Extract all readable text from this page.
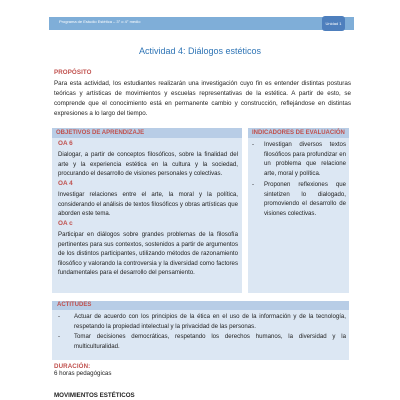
Programa de Estudio Estética – 3° o 4° medio	Unidad 1
Actividad 4: Diálogos estéticos
PROPÓSITO
Para esta actividad, los estudiantes realizarán una investigación cuyo fin es entender distintas posturas teóricas y artísticas de movimientos y escuelas representativas de la estética. A partir de esto, se comprende que el conocimiento está en permanente cambio y construcción, reflejándose en distintas expresiones a lo largo del tiempo.
OBJETIVOS DE APRENDIZAJE
OA 6
Dialogar, a partir de conceptos filosóficos, sobre la finalidad del arte y la experiencia estética en la cultura y la sociedad, procurando el desarrollo de visiones personales y colectivas.
OA 4
Investigar relaciones entre el arte, la moral y la política, considerando el análisis de textos filosóficos y obras artísticas que aborden este tema.
OA c
Participar en diálogos sobre grandes problemas de la filosofía pertinentes para sus contextos, sostenidos a partir de argumentos de los distintos participantes, utilizando métodos de razonamiento filosófico y valorando la controversia y la diversidad como factores fundamentales para el desarrollo del pensamiento.
INDICADORES DE EVALUACIÓN
- Investigan diversos textos filosóficos para profundizar en un problema que relacione arte, moral y política.
- Proponen reflexiones que sintetizen lo dialogado, promoviendo el desarrollo de visiones colectivas.
ACTITUDES
- Actuar de acuerdo con los principios de la ética en el uso de la información y de la tecnología, respetando la propiedad intelectual y la privacidad de las personas.
- Tomar decisiones democráticas, respetando los derechos humanos, la diversidad y la multiculturalidad.
DURACIÓN:
6 horas pedagógicas
MOVIMIENTOS ESTÉTICOS
